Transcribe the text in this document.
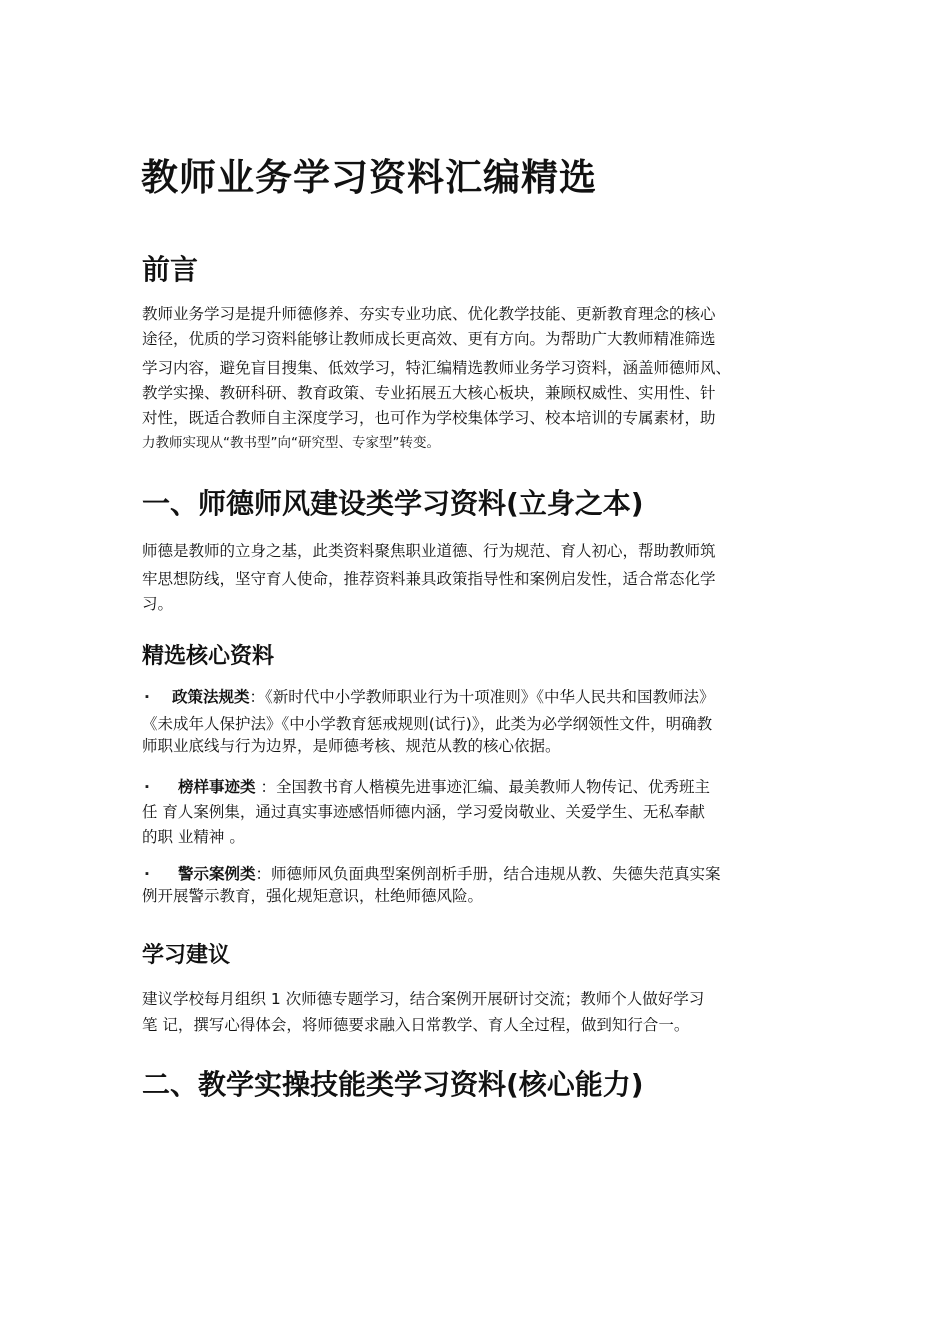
教师业务学习资料汇编精选
前言
教师业务学习是提升师德修养、夯实专业功底、优化教学技能、更新教育理念的核心
途径，优质的学习资料能够让教师成长更高效、更有方向。为帮助广大教师精准筛选
学习内容，避免盲目搜集、低效学习，特汇编精选教师业务学习资料，涵盖师德师风、
教学实操、教研科研、教育政策、专业拓展五大核心板块，兼顾权威性、实用性、针
对性，既适合教师自主深度学习，也可作为学校集体学习、校本培训的专属素材，助
力教师实现从“教书型”向“研究型、专家型”转变。
一、师德师风建设类学习资料(立身之本)
师德是教师的立身之基，此类资料聚焦职业道德、行为规范、育人初心，帮助教师筑
牢思想防线，坚守育人使命，推荐资料兼具政策指导性和案例启发性，适合常态化学
习。
精选核心资料
· 政策法规类：《新时代中小学教师职业行为十项准则》《中华人民共和国教师法》
《未成年人保护法》《中小学教育惩戒规则(试行)》，此类为必学纲领性文件，明确教
师职业底线与行为边界，是师德考核、规范从教的核心依据。
· 榜样事迹类 ：全国教书育人楷模先进事迹汇编、最美教师人物传记、优秀班主
任 育人案例集，通过真实事迹感悟师德内涵，学习爱岗敬业、关爱学生、无私奉献
的职 业精神 。
· 警示案例类：师德师风负面典型案例剖析手册，结合违规从教、失德失范真实案
例开展警示教育，强化规矩意识，杜绝师德风险。
学习建议
建议学校每月组织 1 次师德专题学习，结合案例开展研讨交流；教师个人做好学习
笔 记，撰写心得体会，将师德要求融入日常教学、育人全过程，做到知行合一。
二、教学实操技能类学习资料(核心能力)
